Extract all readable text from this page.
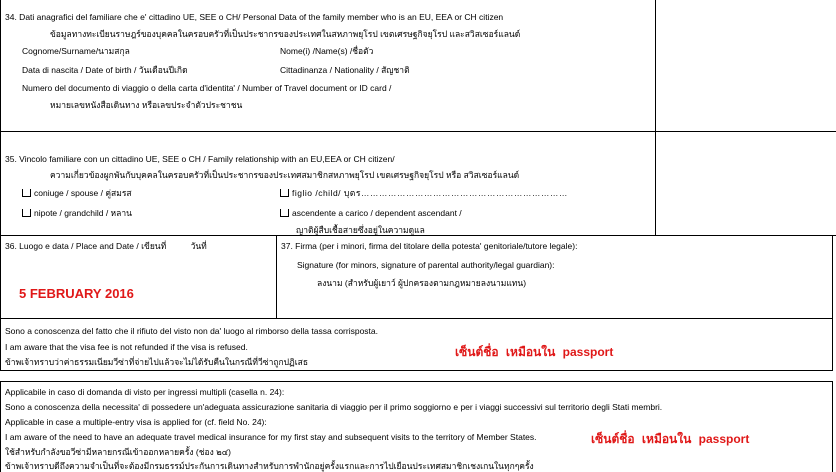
34. Dati anagrafici del familiare che e' cittadino UE, SEE o CH/ Personal Data of the family member who is an EU, EEA or CH citizen
ข้อมูลทางทะเบียนราษฎร์ของบุคคลในครอบครัวที่เป็นประชากรของประเทศในสหภาพยุโรป เขตเศรษฐกิจยุโรป และสวิสเซอร์แลนด์
Cognome/Surname/นามสกุล	Nome(i) /Name(s) /ชื่อตัว
Data di nascita / Date of birth / วันเดือนปีเกิด	Cittadinanza / Nationality / สัญชาติ
Numero del documento di viaggio o della carta d'identita' / Number of Travel document or ID card /
หมายเลขหนังสือเดินทาง หรือเลขประจำตัวประชาชน
35. Vincolo familiare con un cittadino UE, SEE o CH / Family relationship with an EU,EEA or CH citizen/
ความเกี่ยวข้องผูกพันกับบุคคลในครอบครัวที่เป็นประชากรของประเทศสมาชิกสหภาพยุโรป เขตเศรษฐกิจยุโรป หรือ สวิสเซอร์แลนด์
coniuge / spouse / คู่สมรส	figlio /child/ บุตร……………………………………………………………
nipote / grandchild / หลาน	ascendente a carico / dependent ascendant /
ญาติผู้สืบเชื้อสายซึ่งอยู่ในความดูแล
36. Luogo e data / Place and Date / เขียนที่	วันที่
5 FEBRUARY 2016
37. Firma (per i minori, firma del titolare della potesta' genitoriale/tutore legale):
Signature (for minors, signature of parental authority/legal guardian):
ลงนาม (สำหรับผู้เยาว์ ผู้ปกครองตามกฎหมายลงนามแทน)
Sono a conoscenza del fatto che il rifiuto del visto non da' luogo al rimborso della tassa corrisposta.
I am aware that the visa fee is not refunded if the visa is refused.
ข้าพเจ้าทราบว่าค่าธรรมเนียมวีซ่าที่จ่ายไปแล้วจะไม่ได้รับคืนในกรณีที่วีซ่าถูกปฏิเสธ
เซ็นต์ชื่อ เหมือนใน passport
Applicabile in caso di domanda di visto per ingressi multipli (casella n. 24):
Sono a conoscenza della necessita' di possedere un'adeguata assicurazione sanitaria di viaggio per il primo soggiorno e per i viaggi successivi sul territorio degli Stati membri.
Applicable in case a multiple-entry visa is applied for (cf. field No. 24):
I am aware of the need to have an adequate travel medical insurance for my first stay and subsequent visits to the territory of Member States.
ใช้สำหรับกำลังขอวีซ่ามีหลายกรณีเข้าออกหลายครั้ง (ช่อง ๒๔)
ข้าพเจ้าทราบดีถึงความจำเป็นที่จะต้องมีกรมธรรม์ประกันการเดินทางสำหรับการพำนักอยู่ครั้งแรกและการไปเยือนประเทศสมาชิกเชงเกนในทุกๆครั้ง
เซ็นต์ชื่อ เหมือนใน passport
